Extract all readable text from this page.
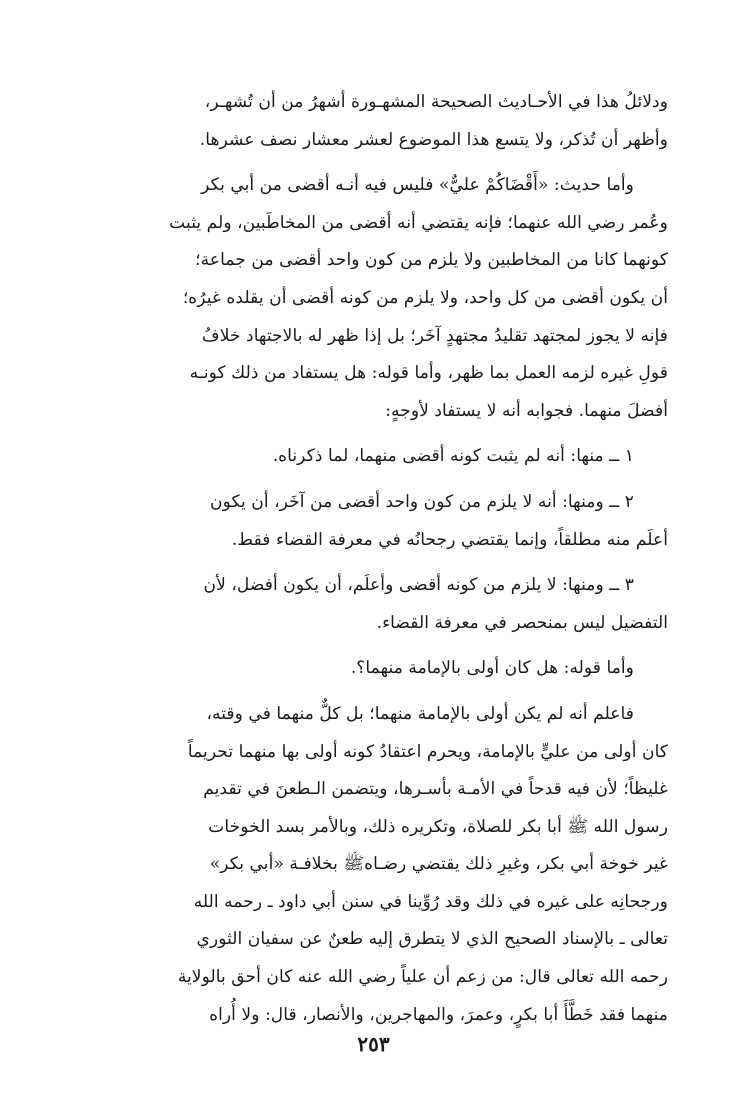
ودلائلُ هذا في الأحـاديث الصحيحة المشهـورة أشهرُ من أن تُشهـر،
وأظهر أن تُذكر، ولا يتسع هذا الموضوع لعشر معشار نصف عشرها.
وأما حديث: «أَقْضَاكُمْ عليٌّ» فليس فيه أنـه أقضى من أبي بكر
وعُمر رضي الله عنهما؛ فإنه يقتضي أنه أقضى من المخاطَبين، ولم يثبت
كونهما كانا من المخاطبين ولا يلزم من كون واحد أقضى من جماعة؛
أن يكون أقضى من كل واحد، ولا يلزم من كونه أقضى أن يقلده غيرُه؛
فإنه لا يجوز لمجتهد تقليدُ مجتهدٍ آخَر؛ بل إذا ظهر له بالاجتهاد خلافُ
قولِ غيره لزمه العمل بما ظهر، وأما قوله: هل يستفاد من ذلك كونـه
أفضلَ منهما. فجوابه أنه لا يستفاد لأوجهٍ:
١ ــ منها: أنه لم يثبت كونه أقضى منهما، لما ذكرناه.
٢ ــ ومنها: أنه لا يلزم من كون واحد أقضى من آخَر، أن يكون
أعلَم منه مطلقاً، وإنما يقتضي رجحانُه في معرفة القضاء فقط.
٣ ــ ومنها: لا يلزم من كونه أقضى وأعلَم، أن يكون أفضل، لأن
التفضيل ليس بمنحصر في معرفة القضاء.
وأما قوله: هل كان أولى بالإمامة منهما؟.
فاعلم أنه لم يكن أولى بالإمامة منهما؛ بل كلٌّ منهما في وقته،
كان أولى من عليٍّ بالإمامة، ويحرم اعتقادُ كونه أولى بها منهما تحريماً
غليظاً؛ لأن فيه قدحاً في الأمـة بأسـرها، ويتضمن الـطعنَ في تقديم
رسول الله ﷺ أبا بكر للصلاة، وتكريره ذلك، وبالأمر بسد الخوخات
غير خوخة أبي بكر، وغيرِ ذلك يقتضي رضـاهﷺ بخلافـة «أبي بكر»
ورجحانِه على غيره في ذلك وقد رُوِّينا في سنن أبي داود ـ رحمه الله
تعالى ـ بالإسناد الصحيح الذي لا يتطرق إليه طعنٌ عن سفيان الثوري
رحمه الله تعالى قال: من زعم أن علياً رضي الله عنه كان أحق بالولاية
منهما فقد خَطَّأَ أبا بكرٍ، وعمرَ، والمهاجرين، والأنصار، قال: ولا أُراه
٢٥٣
